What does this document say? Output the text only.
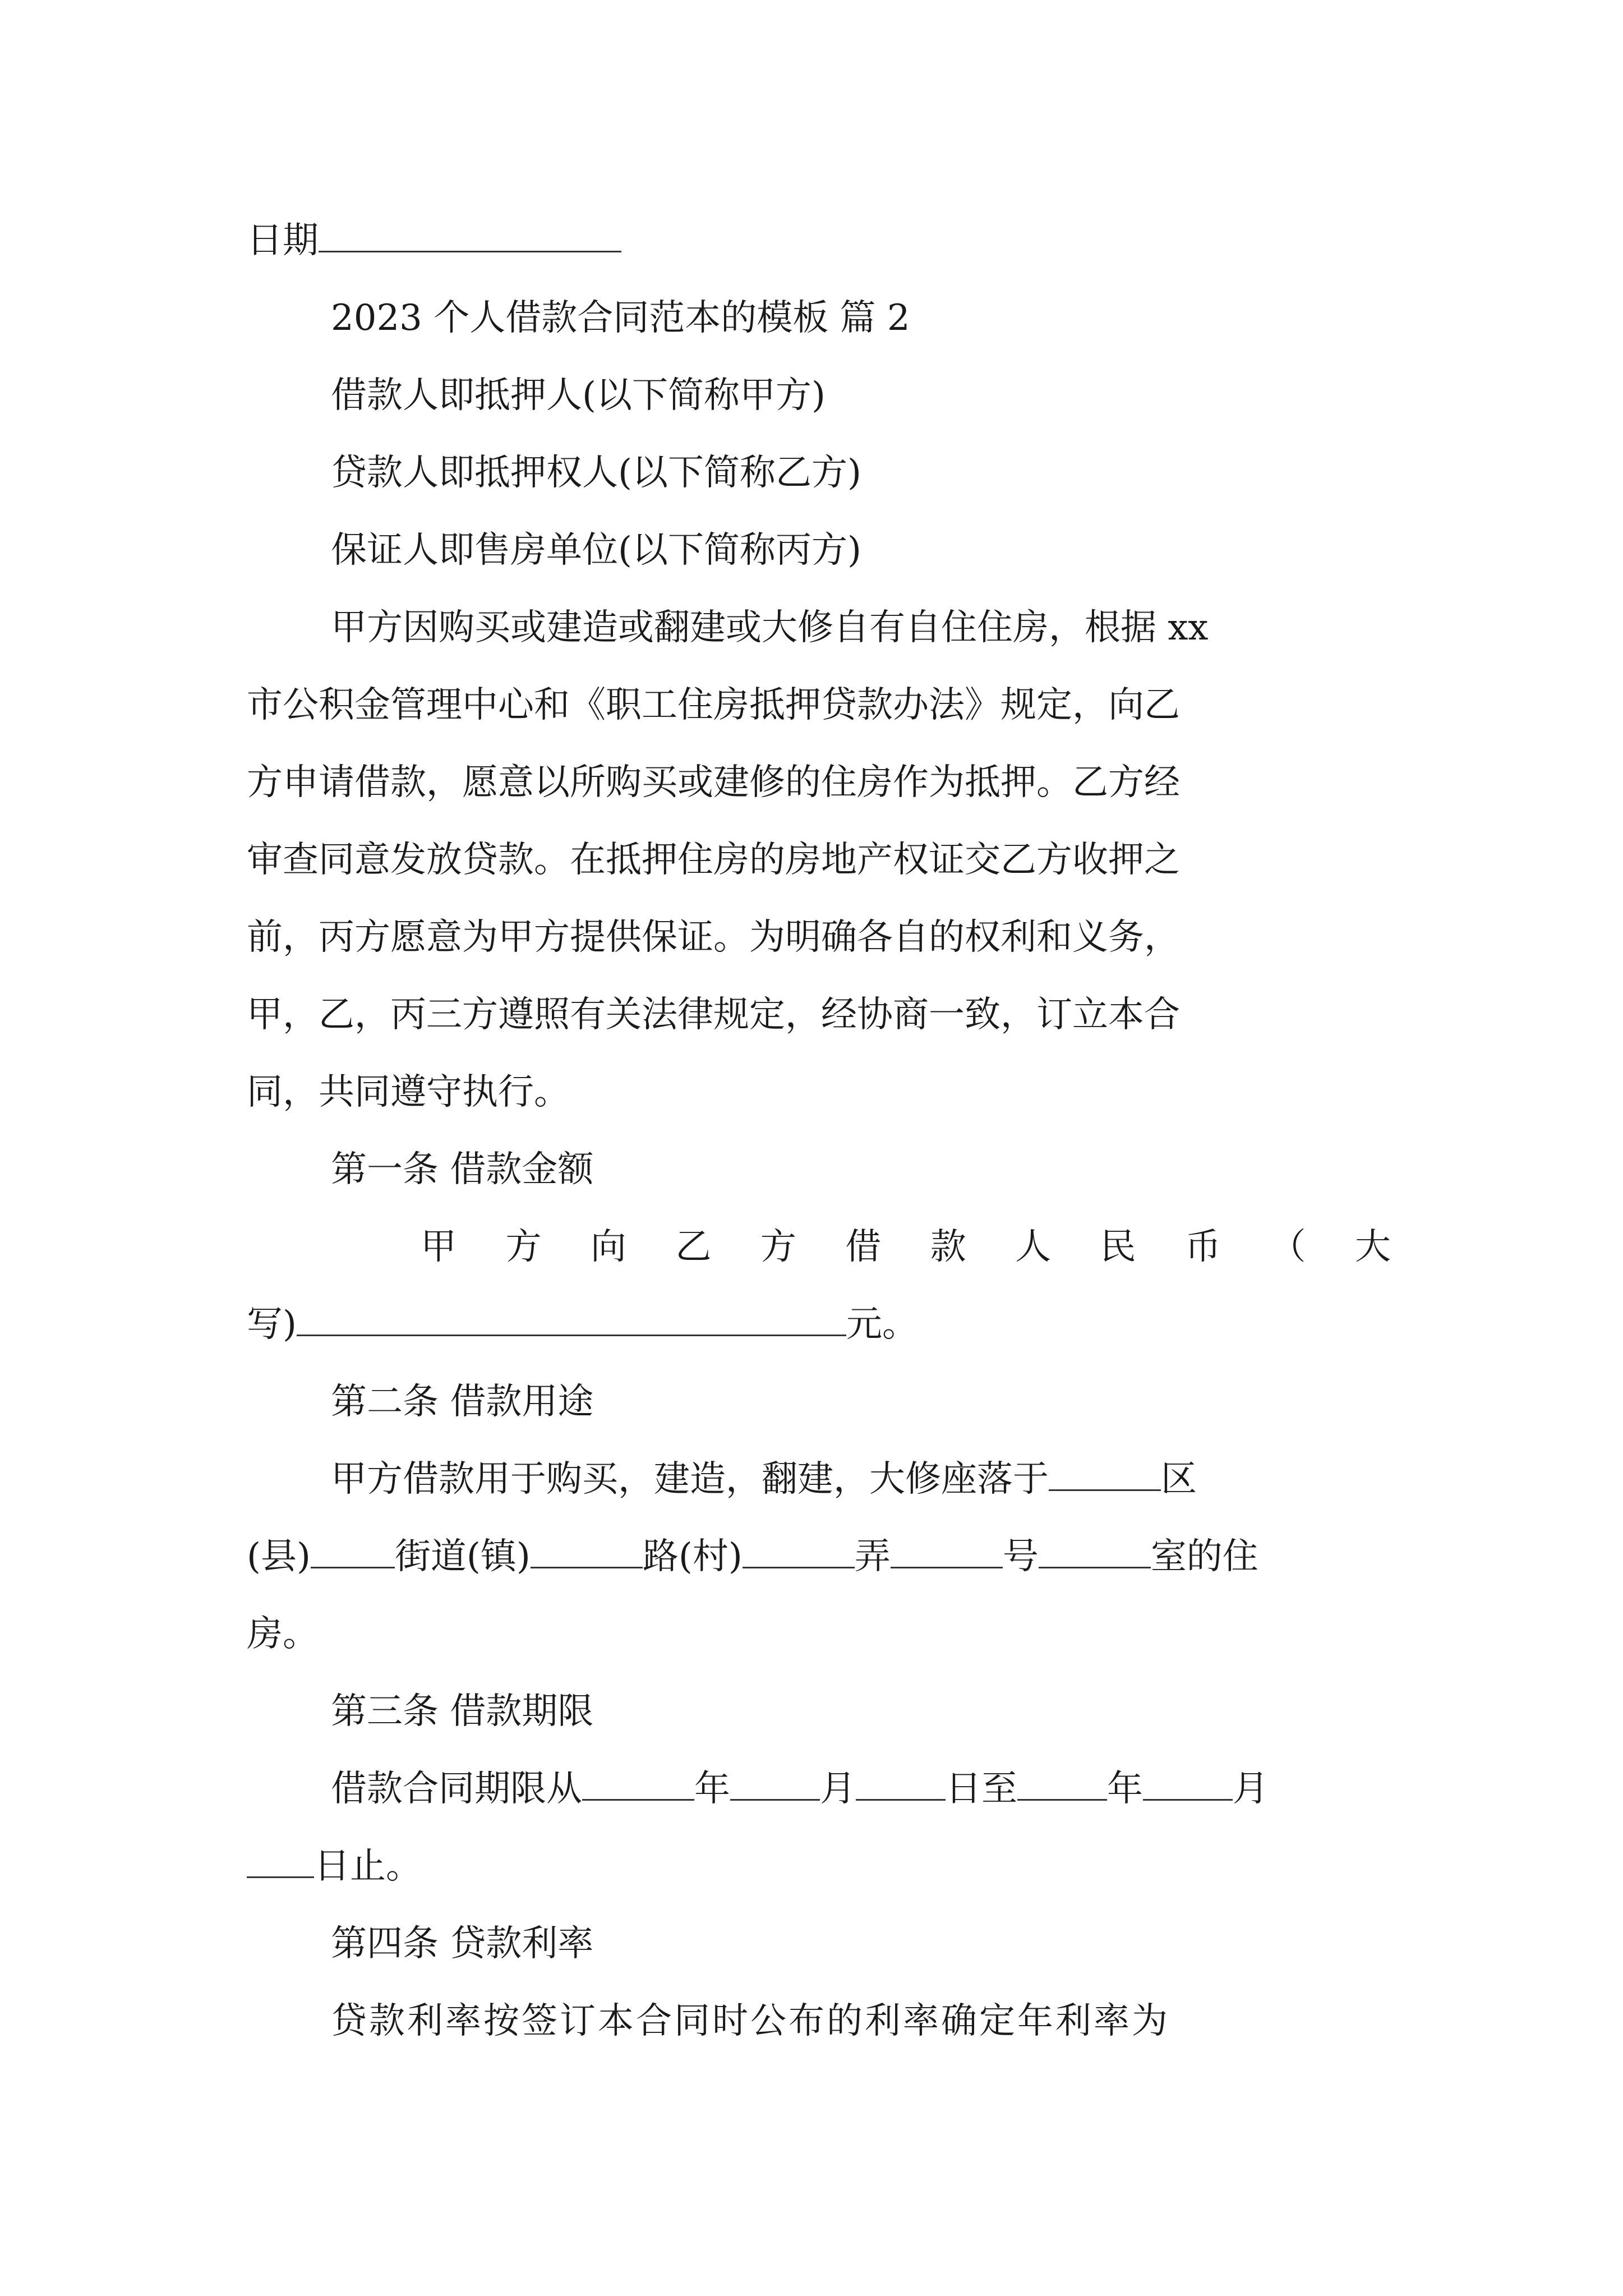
日期
2023 个人借款合同范本的模板 篇 2
借款人即抵押人(以下简称甲方)
贷款人即抵押权人(以下简称乙方)
保证人即售房单位(以下简称丙方)
甲方因购买或建造或翻建或大修自有自住住房，根据 xx
市公积金管理中心和《职工住房抵押贷款办法》规定，向乙
方申请借款，愿意以所购买或建修的住房作为抵押。乙方经
审查同意发放贷款。在抵押住房的房地产权证交乙方收押之
前，丙方愿意为甲方提供保证。为明确各自的权利和义务，
甲，乙，丙三方遵照有关法律规定，经协商一致，订立本合
同，共同遵守执行。
第一条 借款金额
甲 方 向 乙 方 借 款 人 民 币 （ 大
写)	元。
第二条 借款用途
甲方借款用于购买，建造，翻建，大修座落于	区
(县) 街道(镇)	路(村)	弄	号	室的住
房。
第三条 借款期限
借款合同期限从	年	月	日至	年	月
日止。
第四条 贷款利率
贷款利率按签订本合同时公布的利率确定年利率为
